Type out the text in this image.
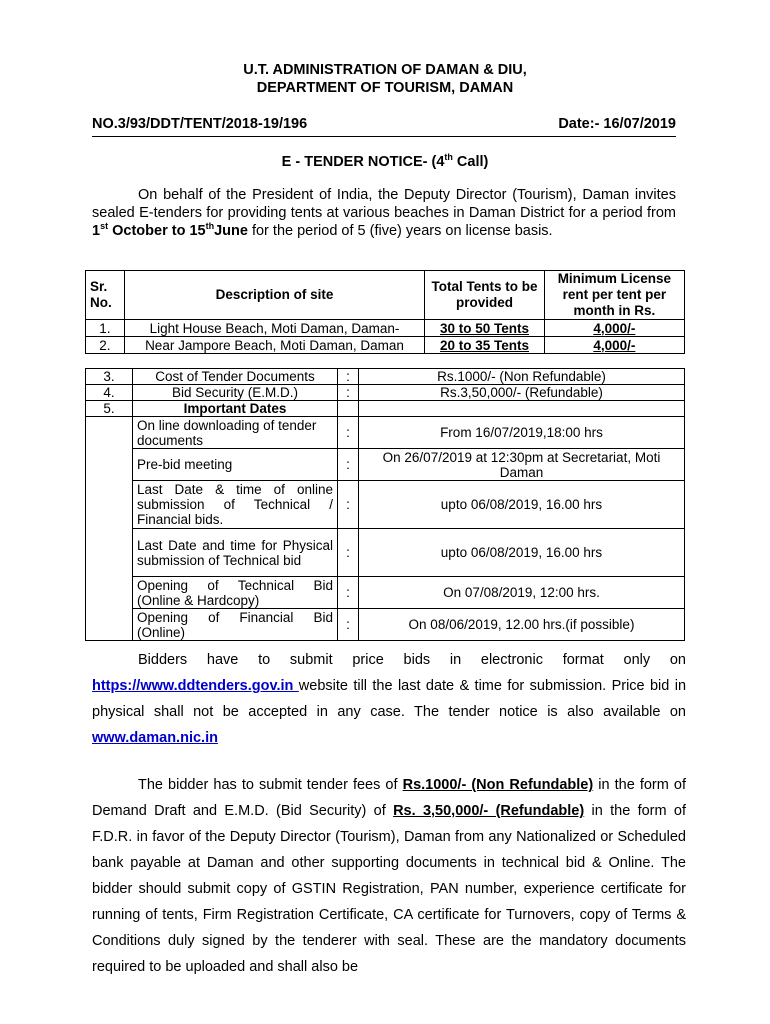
U.T. ADMINISTRATION OF DAMAN & DIU,
DEPARTMENT OF TOURISM, DAMAN
NO.3/93/DDT/TENT/2018-19/196	Date:- 16/07/2019
E - TENDER NOTICE- (4th Call)
On behalf of the President of India, the Deputy Director (Tourism), Daman invites sealed E-tenders for providing tents at various beaches in Daman District for a period from 1st October to 15thJune for the period of 5 (five) years on license basis.
Sr. No.	Description of site	Total Tents to be provided	Minimum License rent per tent per month in Rs.
1.	Light House Beach, Moti Daman, Daman-	30 to 50 Tents	4,000/-
2.	Near Jampore Beach, Moti Daman, Daman	20 to 35 Tents	4,000/-
3.	Cost of Tender Documents	:	Rs.1000/- (Non Refundable)
4.	Bid Security (E.M.D.)	:	Rs.3,50,000/- (Refundable)
5.	Important Dates		
	On line downloading of tender documents	:	From 16/07/2019,18:00 hrs
	Pre-bid meeting	:	On 26/07/2019 at 12:30pm at Secretariat, Moti Daman
	Last Date & time of online submission of Technical / Financial bids.	:	upto 06/08/2019, 16.00 hrs
	Last Date and time for Physical submission of Technical bid	:	upto 06/08/2019, 16.00 hrs
	Opening of Technical Bid (Online & Hardcopy)	:	On 07/08/2019, 12:00 hrs.
	Opening of Financial Bid (Online)	:	On 08/06/2019, 12.00 hrs.(if possible)
Bidders have to submit price bids in electronic format only on
https://www.ddtenders.gov.in website till the last date & time for submission. Price bid in physical shall not be accepted in any case. The tender notice is also available on www.daman.nic.in
The bidder has to submit tender fees of Rs.1000/- (Non Refundable) in the form of Demand Draft and E.M.D. (Bid Security) of Rs. 3,50,000/- (Refundable) in the form of F.D.R. in favor of the Deputy Director (Tourism), Daman from any Nationalized or Scheduled bank payable at Daman and other supporting documents in technical bid & Online. The bidder should submit copy of GSTIN Registration, PAN number, experience certificate for running of tents, Firm Registration Certificate, CA certificate for Turnovers, copy of Terms & Conditions duly signed by the tenderer with seal. These are the mandatory documents required to be uploaded and shall also be
